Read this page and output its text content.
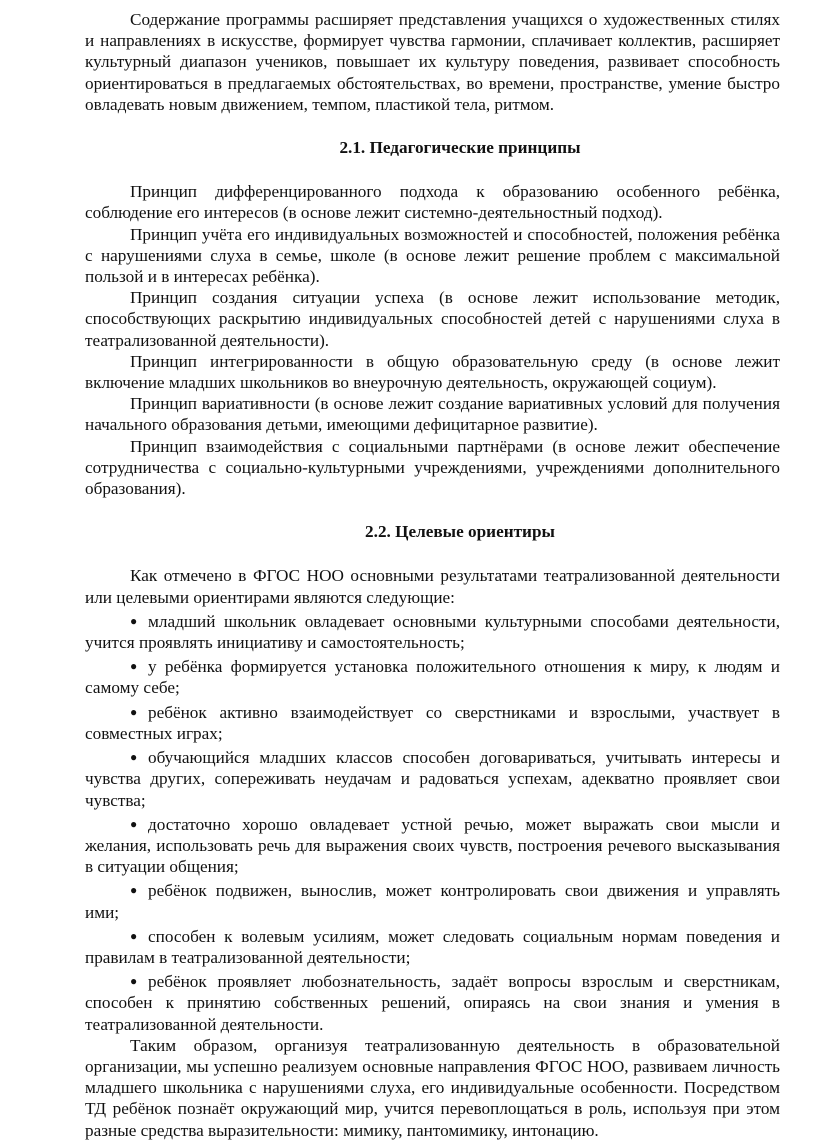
Содержание программы расширяет представления учащихся о художественных стилях и направлениях в искусстве, формирует чувства гармонии, сплачивает коллектив, расширяет культурный диапазон учеников, повышает их культуру поведения, развивает способность ориентироваться в предлагаемых обстоятельствах, во времени, пространстве, умение быстро овладевать новым движением, темпом, пластикой тела, ритмом.

2.1. Педагогические принципы

Принцип дифференцированного подхода к образованию особенного ребёнка, соблюдение его интересов (в основе лежит системно-деятельностный подход).

Принцип учёта его индивидуальных возможностей и способностей, положения ребёнка с нарушениями слуха в семье, школе (в основе лежит решение проблем с максимальной пользой и в интересах ребёнка).

Принцип создания ситуации успеха (в основе лежит использование методик, способствующих раскрытию индивидуальных способностей детей с нарушениями слуха в театрализованной деятельности).

Принцип интегрированности в общую образовательную среду (в основе лежит включение младших школьников во внеурочную деятельность, окружающей социум).

Принцип вариативности (в основе лежит создание вариативных условий для получения начального образования детьми, имеющими дефицитарное развитие).

Принцип взаимодействия с социальными партнёрами (в основе лежит обеспечение сотрудничества с социально-культурными учреждениями, учреждениями дополнительного образования).

2.2. Целевые ориентиры

Как отмечено в ФГОС НОО основными результатами театрализованной деятельности или целевыми ориентирами являются следующие:

● младший школьник овладевает основными культурными способами деятельности, учится проявлять инициативу и самостоятельность;

● у ребёнка формируется установка положительного отношения к миру, к людям и самому себе;

● ребёнок активно взаимодействует со сверстниками и взрослыми, участвует в совместных играх;

● обучающийся младших классов способен договариваться, учитывать интересы и чувства других, сопереживать неудачам и радоваться успехам, адекватно проявляет свои чувства;

● достаточно хорошо овладевает устной речью, может выражать свои мысли и желания, использовать речь для выражения своих чувств, построения речевого высказывания в ситуации общения;

● ребёнок подвижен, вынослив, может контролировать свои движения и управлять ими;

● способен к волевым усилиям, может следовать социальным нормам поведения и правилам в театрализованной деятельности;

● ребёнок проявляет любознательность, задаёт вопросы взрослым и сверстникам, способен к принятию собственных решений, опираясь на свои знания и умения в театрализованной деятельности.

Таким образом, организуя театрализованную деятельность в образовательной организации, мы успешно реализуем основные направления ФГОС НОО, развиваем личность младшего школьника с нарушениями слуха, его индивидуальные особенности. Посредством ТД ребёнок познаёт окружающий мир, учится перевоплощаться в роль, используя при этом разные средства выразительности: мимику, пантомимику, интонацию.
